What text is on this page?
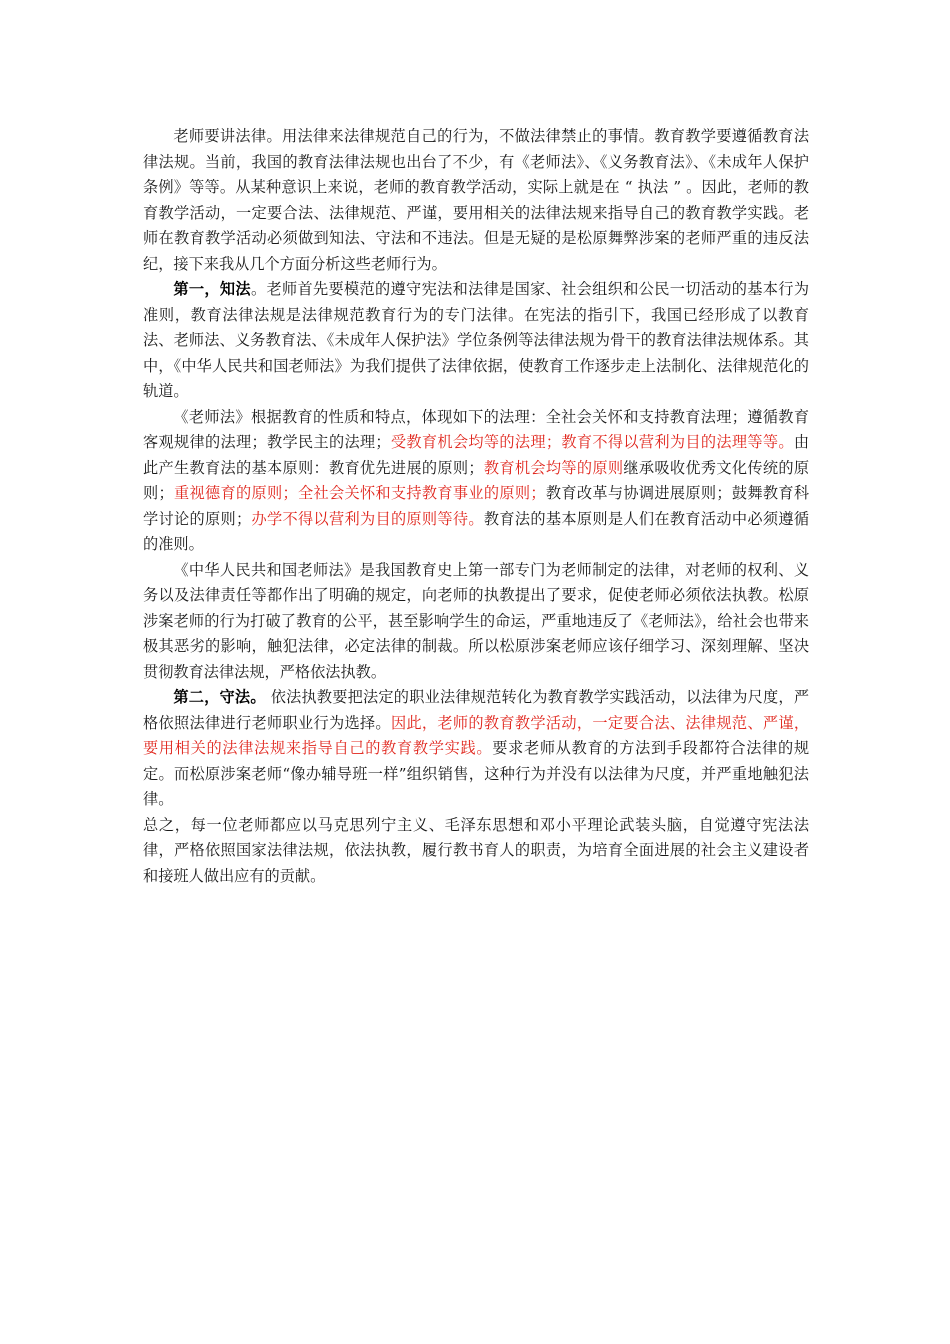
老师要讲法律。用法律来法律规范自己的行为，不做法律禁止的事情。教育教学要遵循教育法律法规。当前，我国的教育法律法规也出台了不少，有《老师法》、《义务教育法》、《未成年人保护条例》等等。从某种意识上来说，老师的教育教学活动，实际上就是在 “ 执法 ” 。因此，老师的教育教学活动，一定要合法、法律规范、严谨，要用相关的法律法规来指导自己的教育教学实践。老师在教育教学活动必须做到知法、守法和不违法。但是无疑的是松原舞弊涉案的老师严重的违反法纪，接下来我从几个方面分析这些老师行为。

第一，知法。老师首先要模范的遵守宪法和法律是国家、社会组织和公民一切活动的基本行为准则，教育法律法规是法律规范教育行为的专门法律。在宪法的指引下，我国已经形成了以教育法、老师法、义务教育法、《未成年人保护法》学位条例等法律法规为骨干的教育法律法规体系。其中，《中华人民共和国老师法》为我们提供了法律依据，使教育工作逐步走上法制化、法律规范化的轨道。

《老师法》根据教育的性质和特点，体现如下的法理：全社会关怀和支持教育法理；遵循教育客观规律的法理；教学民主的法理；受教育机会均等的法理；教育不得以营利为目的法理等等。由此产生教育法的基本原则：教育优先进展的原则；教育机会均等的原则继承吸收优秀文化传统的原则；重视德育的原则；全社会关怀和支持教育事业的原则；教育改革与协调进展原则；鼓舞教育科学讨论的原则；办学不得以营利为目的原则等待。教育法的基本原则是人们在教育活动中必须遵循的准则。

《中华人民共和国老师法》是我国教育史上第一部专门为老师制定的法律，对老师的权利、义务以及法律责任等都作出了明确的规定，向老师的执教提出了要求，促使老师必须依法执教。松原涉案老师的行为打破了教育的公平，甚至影响学生的命运，严重地违反了《老师法》，给社会也带来极其恶劣的影响，触犯法律，必定法律的制裁。所以松原涉案老师应该仔细学习、深刻理解、坚决贯彻教育法律法规，严格依法执教。

第二，守法。 依法执教要把法定的职业法律规范转化为教育教学实践活动，以法律为尺度，严格依照法律进行老师职业行为选择。因此，老师的教育教学活动，一定要合法、法律规范、严谨，要用相关的法律法规来指导自己的教育教学实践。要求老师从教育的方法到手段都符合法律的规定。而松原涉案老师“像办辅导班一样”组织销售，这种行为并没有以法律为尺度，并严重地触犯法律。

总之，每一位老师都应以马克思列宁主义、毛泽东思想和邓小平理论武装头脑，自觉遵守宪法法律，严格依照国家法律法规，依法执教，履行教书育人的职责，为培育全面进展的社会主义建设者和接班人做出应有的贡献。
